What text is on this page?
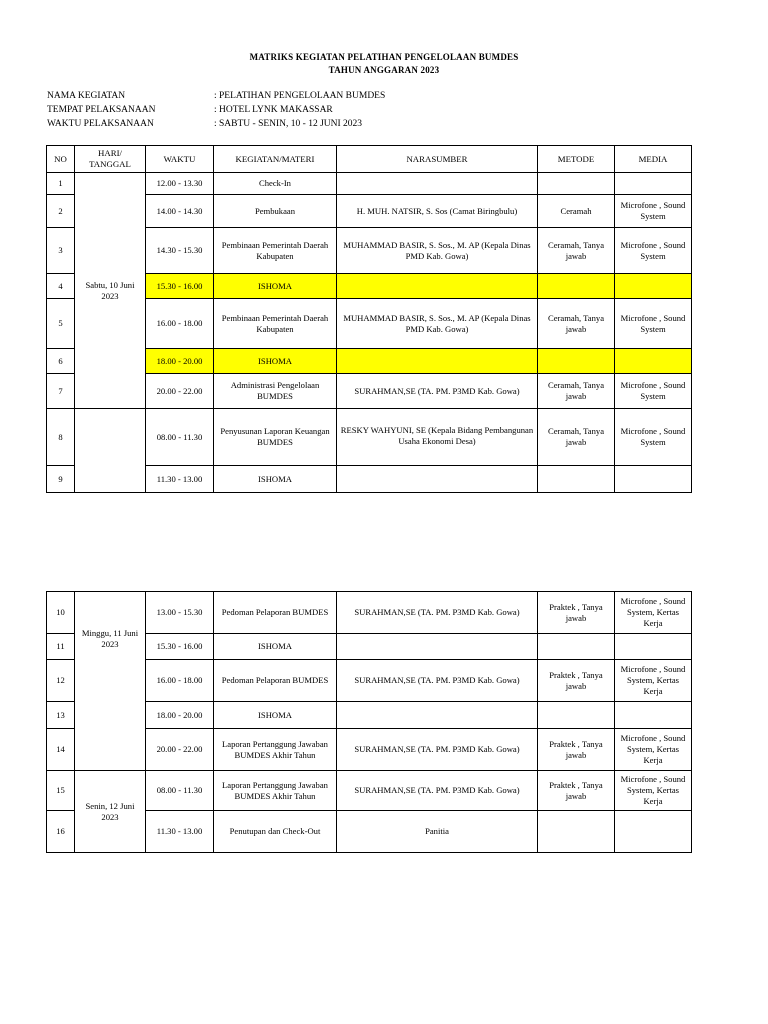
MATRIKS KEGIATAN PELATIHAN PENGELOLAAN BUMDES
TAHUN ANGGARAN 2023
NAMA KEGIATAN	: PELATIHAN PENGELOLAAN BUMDES
TEMPAT PELAKSANAAN	: HOTEL LYNK MAKASSAR
WAKTU PELAKSANAAN	: SABTU - SENIN, 10 - 12 JUNI 2023
NO	HARI/ TANGGAL	WAKTU	KEGIATAN/MATERI	NARASUMBER	METODE	MEDIA
1	Sabtu, 10 Juni 2023	12.00 - 13.30	Check-In			
2		14.00 - 14.30	Pembukaan	H. MUH. NATSIR, S. Sos (Camat Biringbulu)	Ceramah	Microfone , Sound System
3		14.30 - 15.30	Pembinaan Pemerintah Daerah Kabupaten	MUHAMMAD BASIR, S. Sos., M. AP (Kepala Dinas PMD Kab. Gowa)	Ceramah, Tanya jawab	Microfone , Sound System
4		15.30 - 16.00	ISHOMA			
5		16.00 - 18.00	Pembinaan Pemerintah Daerah Kabupaten	MUHAMMAD BASIR, S. Sos., M. AP (Kepala Dinas PMD Kab. Gowa)	Ceramah, Tanya jawab	Microfone , Sound System
6		18.00 - 20.00	ISHOMA			
7		20.00 - 22.00	Administrasi Pengelolaan BUMDES	SURAHMAN,SE (TA. PM. P3MD Kab. Gowa)	Ceramah, Tanya jawab	Microfone , Sound System
8		08.00 - 11.30	Penyusunan Laporan Keuangan BUMDES	RESKY WAHYUNI, SE (Kepala Bidang Pembangunan Usaha Ekonomi Desa)	Ceramah, Tanya jawab	Microfone , Sound System
9		11.30 - 13.00	ISHOMA			
10	Minggu, 11 Juni 2023	13.00 - 15.30	Pedoman Pelaporan BUMDES	SURAHMAN,SE (TA. PM. P3MD Kab. Gowa)	Praktek , Tanya jawab	Microfone , Sound System, Kertas Kerja
11		15.30 - 16.00	ISHOMA			
12		16.00 - 18.00	Pedoman Pelaporan BUMDES	SURAHMAN,SE (TA. PM. P3MD Kab. Gowa)	Praktek , Tanya jawab	Microfone , Sound System, Kertas Kerja
13		18.00 - 20.00	ISHOMA			
14		20.00 - 22.00	Laporan Pertanggung Jawaban BUMDES Akhir Tahun	SURAHMAN,SE (TA. PM. P3MD Kab. Gowa)	Praktek , Tanya jawab	Microfone , Sound System, Kertas Kerja
15	Senin, 12 Juni 2023	08.00 - 11.30	Laporan Pertanggung Jawaban BUMDES Akhir Tahun	SURAHMAN,SE (TA. PM. P3MD Kab. Gowa)	Praktek , Tanya jawab	Microfone , Sound System, Kertas Kerja
16		11.30 - 13.00	Penutupan dan Check-Out	Panitia		
